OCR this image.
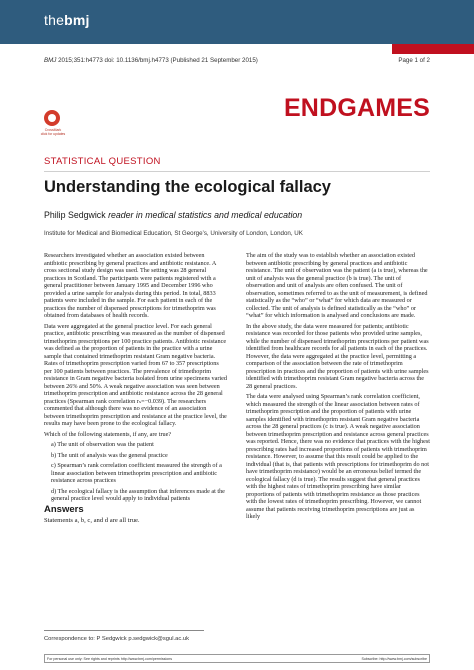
thebmj
BMJ 2015;351:h4773 doi: 10.1136/bmj.h4773 (Published 21 September 2015)	Page 1 of 2
CrossMark
click for updates
ENDGAMES
STATISTICAL QUESTION
Understanding the ecological fallacy
Philip Sedgwick reader in medical statistics and medical education
Institute for Medical and Biomedical Education, St George’s, University of London, London, UK

Researchers investigated whether an association existed between antibiotic prescribing by general practices and antibiotic resistance. A cross sectional study design was used. The setting was 28 general practices in Scotland. The participants were patients registered with a general practitioner between January 1995 and December 1996 who provided a urine sample for analysis during this period. In total, 8833 patients were included in the sample. For each patient in each of the practices the number of dispensed prescriptions for trimethoprim was obtained from databases of health records.

Data were aggregated at the general practice level. For each general practice, antibiotic prescribing was measured as the number of dispensed trimethoprim prescriptions per 100 practice patients. Antibiotic resistance was defined as the proportion of patients in the practice with a urine sample that contained trimethoprim resistant Gram negative bacteria. Rates of trimethoprim prescription varied from 67 to 357 prescriptions per 100 patients between practices. The prevalence of trimethoprim resistance in Gram negative bacteria isolated from urine specimens varied between 26% and 50%. A weak negative association was seen between trimethoprim prescription and antibiotic resistance across the 28 general practices (Spearman rank correlation rₛ=−0.039). The researchers commented that although there was no evidence of an association between trimethoprim prescription and resistance at the practice level, the results may have been prone to the ecological fallacy.

Which of the following statements, if any, are true?

a) The unit of observation was the patient

b) The unit of analysis was the general practice

c) Spearman’s rank correlation coefficient measured the strength of a linear association between trimethoprim prescription and antibiotic resistance across practices

d) The ecological fallacy is the assumption that inferences made at the general practice level would apply to individual patients

Answers
Statements a, b, c, and d are all true.

The aim of the study was to establish whether an association existed between antibiotic prescribing by general practices and antibiotic resistance. The unit of observation was the patient (a is true), whereas the unit of analysis was the general practice (b is true). The unit of observation and unit of analysis are often confused. The unit of observation, sometimes referred to as the unit of measurement, is defined statistically as the “who” or “what” for which data are measured or collected. The unit of analysis is defined statistically as the “who” or “what” for which information is analysed and conclusions are made.

In the above study, the data were measured for patients; antibiotic resistance was recorded for those patients who provided urine samples, while the number of dispensed trimethoprim prescriptions per patient was identified from healthcare records for all patients in each of the practices. However, the data were aggregated at the practice level, permitting a comparison of the association between the rate of trimethoprim prescription in practices and the proportion of patients with urine samples identified with trimethoprim resistant Gram negative bacteria across the 28 general practices.

The data were analysed using Spearman’s rank correlation coefficient, which measured the strength of the linear association between rates of trimethoprim prescription and the proportion of patients with urine samples identified with trimethoprim resistant Gram negative bacteria across the 28 general practices (c is true). A weak negative association between trimethoprim prescription and resistance across general practices was reported. Hence, there was no evidence that practices with the highest prescribing rates had increased proportions of patients with trimethoprim resistance. However, to assume that this result could be applied to the individual (that is, that patients with prescriptions for trimethoprim do not have trimethoprim resistance) would be an erroneous belief termed the ecological fallacy (d is true). The results suggest that general practices with the highest rates of trimethoprim prescribing have similar proportions of patients with trimethoprim resistance as those practices with the lowest rates of trimethoprim prescribing. However, we cannot assume that patients receiving trimethoprim prescriptions are just as likely

Correspondence to: P Sedgwick p.sedgwick@sgul.ac.uk
For personal use only: See rights and reprints http://www.bmj.com/permissions	Subscribe: http://www.bmj.com/subscribe
